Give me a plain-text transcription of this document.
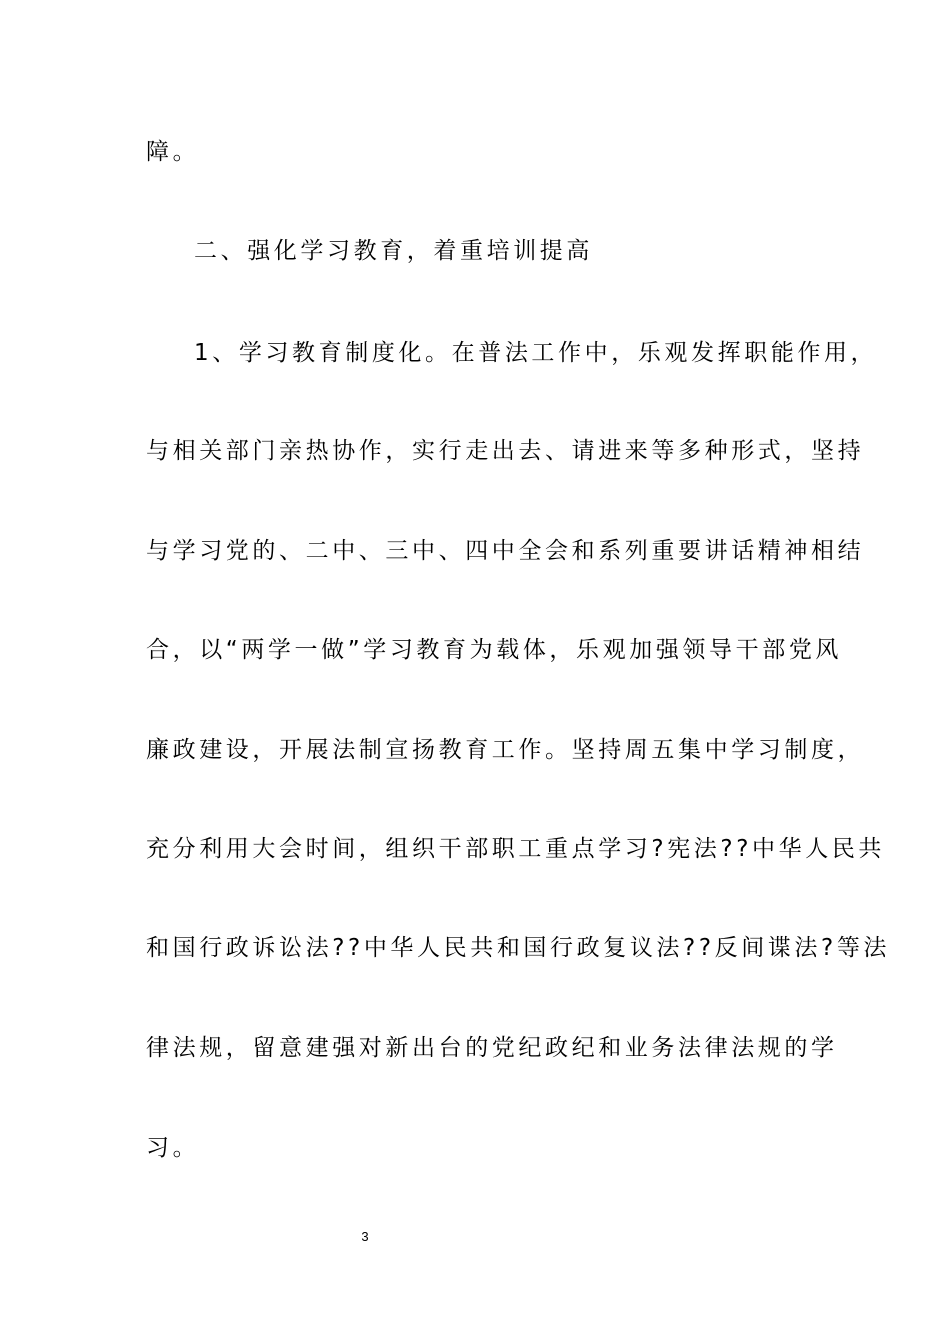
障。
二、强化学习教育，着重培训提高
1、学习教育制度化。在普法工作中，乐观发挥职能作用，
与相关部门亲热协作，实行走出去、请进来等多种形式，坚持
与学习党的、二中、三中、四中全会和系列重要讲话精神相结
合，以“两学一做”学习教育为载体，乐观加强领导干部党风
廉政建设，开展法制宣扬教育工作。坚持周五集中学习制度，
充分利用大会时间，组织干部职工重点学习?宪法??中华人民共
和国行政诉讼法??中华人民共和国行政复议法??反间谍法?等法
律法规，留意建强对新出台的党纪政纪和业务法律法规的学
习。
3
